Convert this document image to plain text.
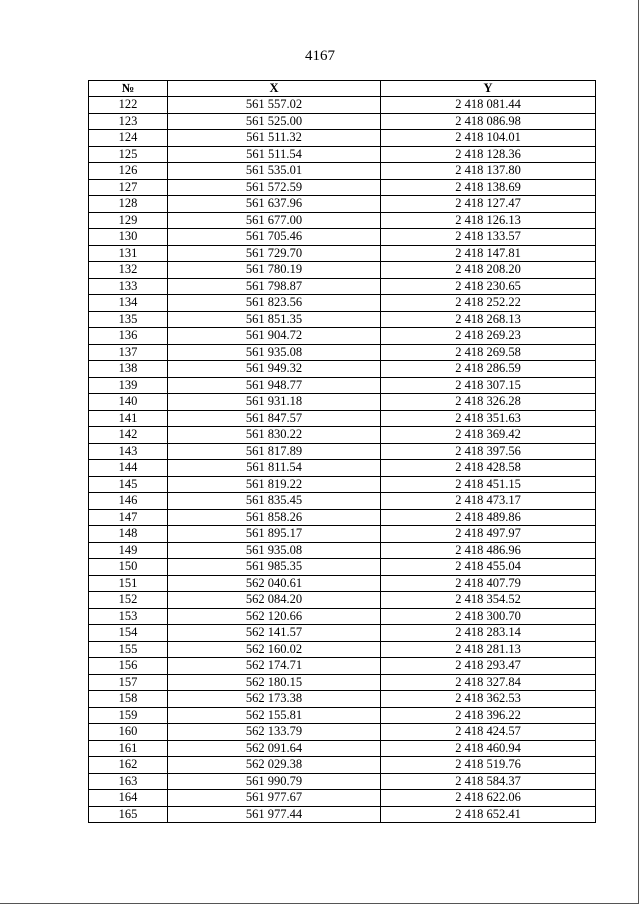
4167
№	X	Y
122	561 557.02	2 418 081.44
123	561 525.00	2 418 086.98
124	561 511.32	2 418 104.01
125	561 511.54	2 418 128.36
126	561 535.01	2 418 137.80
127	561 572.59	2 418 138.69
128	561 637.96	2 418 127.47
129	561 677.00	2 418 126.13
130	561 705.46	2 418 133.57
131	561 729.70	2 418 147.81
132	561 780.19	2 418 208.20
133	561 798.87	2 418 230.65
134	561 823.56	2 418 252.22
135	561 851.35	2 418 268.13
136	561 904.72	2 418 269.23
137	561 935.08	2 418 269.58
138	561 949.32	2 418 286.59
139	561 948.77	2 418 307.15
140	561 931.18	2 418 326.28
141	561 847.57	2 418 351.63
142	561 830.22	2 418 369.42
143	561 817.89	2 418 397.56
144	561 811.54	2 418 428.58
145	561 819.22	2 418 451.15
146	561 835.45	2 418 473.17
147	561 858.26	2 418 489.86
148	561 895.17	2 418 497.97
149	561 935.08	2 418 486.96
150	561 985.35	2 418 455.04
151	562 040.61	2 418 407.79
152	562 084.20	2 418 354.52
153	562 120.66	2 418 300.70
154	562 141.57	2 418 283.14
155	562 160.02	2 418 281.13
156	562 174.71	2 418 293.47
157	562 180.15	2 418 327.84
158	562 173.38	2 418 362.53
159	562 155.81	2 418 396.22
160	562 133.79	2 418 424.57
161	562 091.64	2 418 460.94
162	562 029.38	2 418 519.76
163	561 990.79	2 418 584.37
164	561 977.67	2 418 622.06
165	561 977.44	2 418 652.41
